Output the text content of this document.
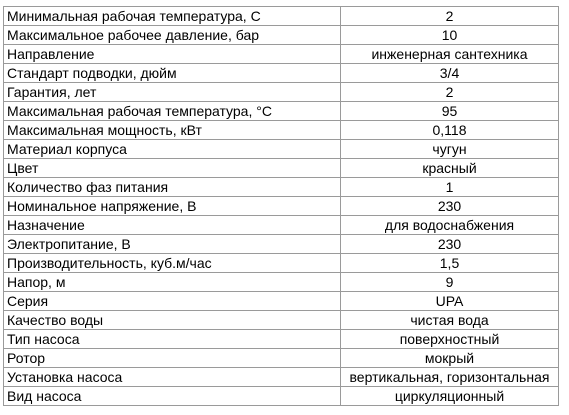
Минимальная рабочая температура, С	2
Максимальное рабочее давление, бар	10
Направление	инженерная сантехника
Стандарт подводки, дюйм	3/4
Гарантия, лет	2
Максимальная рабочая температура, °С	95
Максимальная мощность, кВт	0,118
Материал корпуса	чугун
Цвет	красный
Количество фаз питания	1
Номинальное напряжение, В	230
Назначение	для водоснабжения
Электропитание, В	230
Производительность, куб.м/час	1,5
Напор, м	9
Серия	UPA
Качество воды	чистая вода
Тип насоса	поверхностный
Ротор	мокрый
Установка насоса	вертикальная, горизонтальная
Вид насоса	циркуляционный
